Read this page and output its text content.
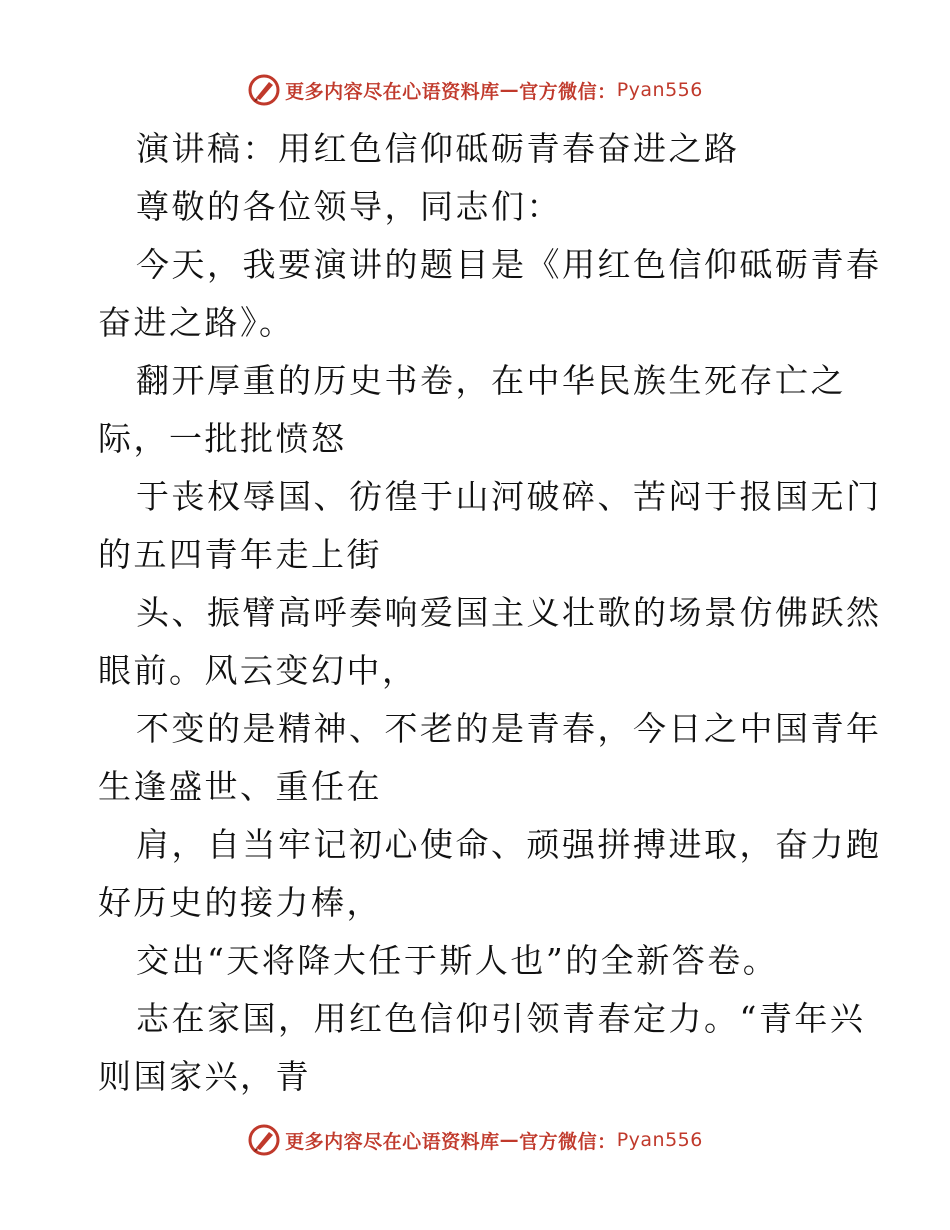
更多内容尽在心语资料库 — 官方微信： Pyan556
演讲稿：用红色信仰砥砺青春奋进之路
尊敬的各位领导，同志们：
今天，我要演讲的题目是《用红色信仰砥砺青春
奋进之路》。
翻开厚重的历史书卷，在中华民族生死存亡之
际，一批批愤怒
于丧权辱国、彷徨于山河破碎、苦闷于报国无门
的五四青年走上街
头、振臂高呼奏响爱国主义壮歌的场景仿佛跃然
眼前。风云变幻中，
不变的是精神、不老的是青春，今日之中国青年
生逢盛世、重任在
肩，自当牢记初心使命、顽强拼搏进取，奋力跑
好历史的接力棒，
交出“天将降大任于斯人也”的全新答卷。
志在家国，用红色信仰引领青春定力。“青年兴
则国家兴，青
更多内容尽在心语资料库 — 官方微信： Pyan556
